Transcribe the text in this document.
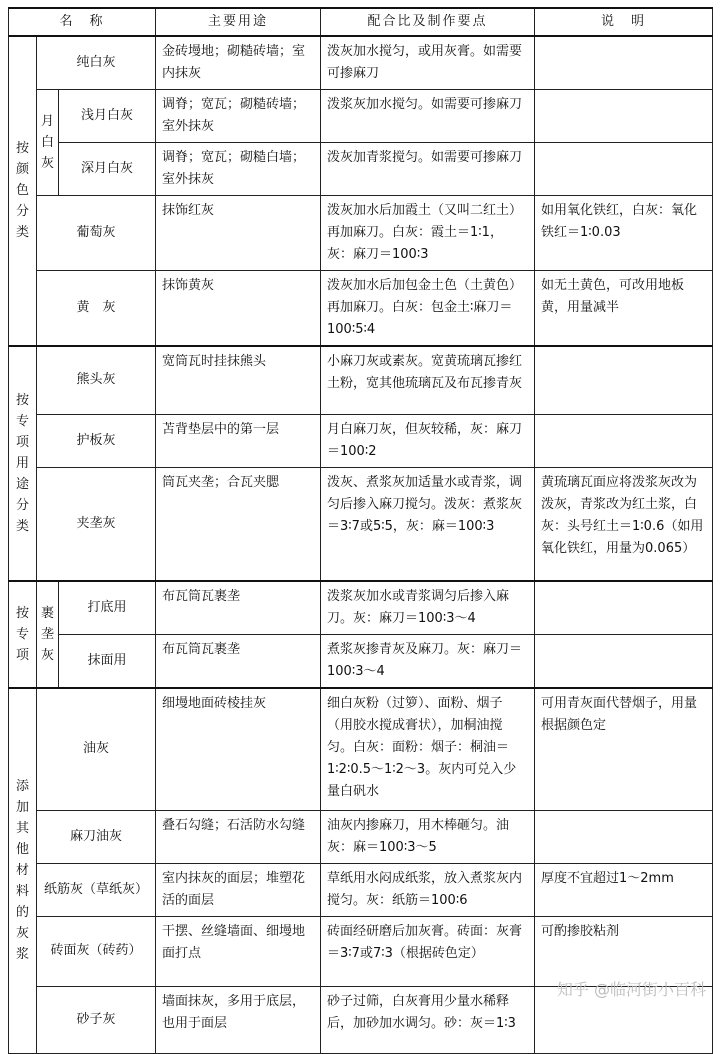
名　称			主要用途	配合比及制作要点	说　明
按颜色分类	纯白灰		金砖墁地；砌糙砖墙；室内抹灰	泼灰加水搅匀，或用灰膏。如需要可掺麻刀	
	月白灰	浅月白灰	调脊；宽瓦；砌糙砖墙；室外抹灰	泼浆灰加水搅匀。如需要可掺麻刀	
		深月白灰	调脊；宽瓦；砌糙白墙；室外抹灰	泼灰加青浆搅匀。如需要可掺麻刀	
	葡萄灰		抹饰红灰	泼灰加水后加霞土（又叫二红土）再加麻刀。白灰：霞土＝1∶1，灰：麻刀＝100∶3	如用氧化铁红，白灰：氧化铁红＝1∶0.03
	黄　灰		抹饰黄灰	泼灰加水后加包金土色（土黄色）再加麻刀。白灰：包金土∶麻刀＝100∶5∶4	如无土黄色，可改用地板黄，用量减半
按专项用途分类	熊头灰		宽筒瓦时挂抹熊头	小麻刀灰或素灰。宽黄琉璃瓦掺红土粉，宽其他琉璃瓦及布瓦掺青灰	
	护板灰		苫背垫层中的第一层	月白麻刀灰，但灰较稀，灰：麻刀＝100∶2	
	夹垄灰		筒瓦夹垄；合瓦夹腮	泼灰、煮浆灰加适量水或青浆，调匀后掺入麻刀搅匀。泼灰：煮浆灰＝3∶7或5∶5，灰：麻＝100∶3	黄琉璃瓦面应将泼浆灰改为泼灰，青浆改为红土浆，白灰：头号红土＝1∶0.6（如用氧化铁红，用量为0.065）
按专项	裹垄灰	打底用	布瓦筒瓦裹垄	泼浆灰加水或青浆调匀后掺入麻刀。灰：麻刀＝100∶3～4	
		抹面用	布瓦筒瓦裹垄	煮浆灰掺青灰及麻刀。灰：麻刀＝100∶3～4	
添加其他材料的灰浆	油灰		细墁地面砖棱挂灰	细白灰粉（过箩）、面粉、烟子（用胶水搅成膏状），加桐油搅匀。白灰：面粉：烟子：桐油＝1∶2∶0.5～1∶2～3。灰内可兑入少量白矾水	可用青灰面代替烟子，用量根据颜色定
	麻刀油灰		叠石勾缝；石活防水勾缝	油灰内掺麻刀，用木棒砸匀。油灰：麻＝100∶3～5	
	纸筋灰（草纸灰）		室内抹灰的面层；堆塑花活的面层	草纸用水闷成纸浆，放入煮浆灰内搅匀。灰：纸筋＝100∶6	厚度不宜超过1～2mm
	砖面灰（砖药）		干摆、丝缝墙面、细墁地面打点	砖面经研磨后加灰膏。砖面：灰膏＝3∶7或7∶3（根据砖色定）	可酌掺胶粘剂
	砂子灰		墙面抹灰，多用于底层，也用于面层	砂子过筛，白灰膏用少量水稀释后，加砂加水调匀。砂：灰＝1∶3	
知乎 @临河街小百科
